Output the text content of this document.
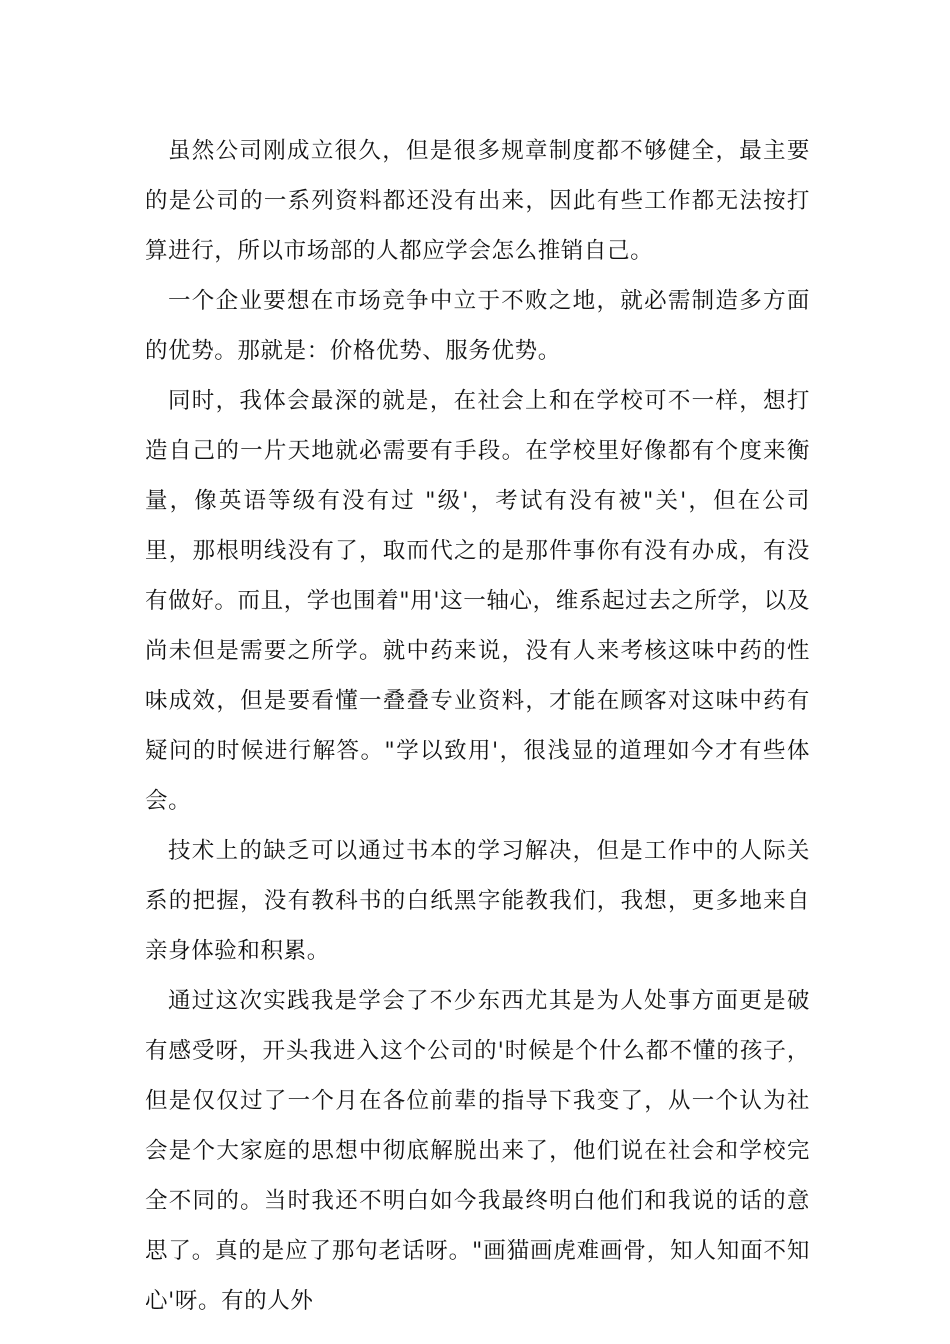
虽然公司刚成立很久，但是很多规章制度都不够健全，最主要的是公司的一系列资料都还没有出来，因此有些工作都无法按打算进行，所以市场部的人都应学会怎么推销自己。

一个企业要想在市场竞争中立于不败之地，就必需制造多方面的优势。那就是：价格优势、服务优势。

同时，我体会最深的就是，在社会上和在学校可不一样，想打造自己的一片天地就必需要有手段。在学校里好像都有个度来衡量，像英语等级有没有过 "级'，考试有没有被"关'，但在公司里，那根明线没有了，取而代之的是那件事你有没有办成，有没有做好。而且，学也围着"用'这一轴心，维系起过去之所学，以及尚未但是需要之所学。就中药来说，没有人来考核这味中药的性味成效，但是要看懂一叠叠专业资料，才能在顾客对这味中药有疑问的时候进行解答。"学以致用'，很浅显的道理如今才有些体会。

技术上的缺乏可以通过书本的学习解决，但是工作中的人际关系的把握，没有教科书的白纸黑字能教我们，我想，更多地来自亲身体验和积累。

通过这次实践我是学会了不少东西尤其是为人处事方面更是破有感受呀，开头我进入这个公司的'时候是个什么都不懂的孩子，但是仅仅过了一个月在各位前辈的指导下我变了，从一个认为社会是个大家庭的思想中彻底解脱出来了，他们说在社会和学校完全不同的。当时我还不明白如今我最终明白他们和我说的话的意思了。真的是应了那句老话呀。"画猫画虎难画骨，知人知面不知心'呀。有的人外
